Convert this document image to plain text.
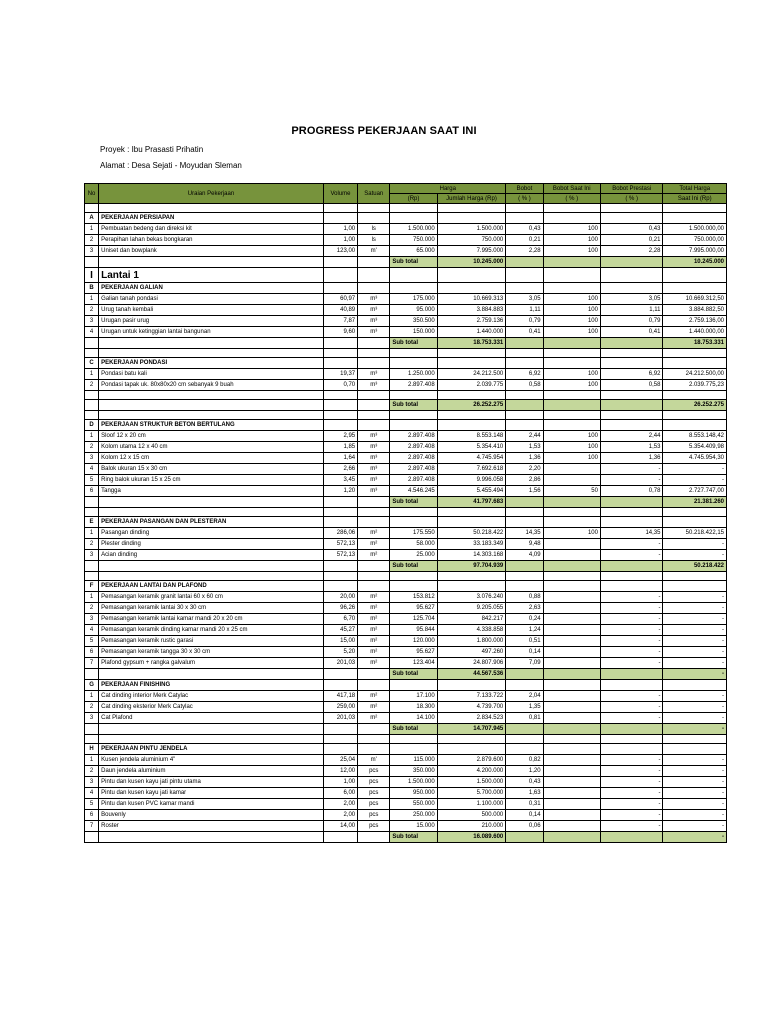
PROGRESS PEKERJAAN SAAT INI
Proyek : Ibu Prasasti Prihatin
Alamat : Desa Sejati - Moyudan Sleman
No	Uraian Pekerjaan	Volume	Satuan	Harga		Bobot	Bobot Saat Ini	Bobot Prestasi	Total Harga
				(Rp)	Jumlah Harga (Rp)	( % )	( % )	( % )	Saat Ini (Rp)

A	PEKERJAAN PERSIAPAN								
1	Pembuatan bedeng dan direksi kit	1,00	ls	1.500.000	1.500.000	0,43	100	0,43	1.500.000,00
2	Perapihan lahan bekas bongkaran	1,00	ls	750.000	750.000	0,21	100	0,21	750.000,00
3	Uniset dan bowplank	123,00	m'	65.000	7.995.000	2,28	100	2,28	7.995.000,00
				Sub total	10.245.000				10.245.000
I	Lantai 1								
B	PEKERJAAN GALIAN								
1	Galian tanah pondasi	60,97	m³	175.000	10.669.313	3,05	100	3,05	10.669.312,50
2	Urug tanah kembali	40,89	m³	95.000	3.884.883	1,11	100	1,11	3.884.882,50
3	Urugan pasir urug	7,87	m³	350.500	2.759.136	0,79	100	0,79	2.759.136,00
4	Urugan untuk ketinggian lantai bangunan	9,60	m³	150.000	1.440.000	0,41	100	0,41	1.440.000,00
				Sub total	18.753.331				18.753.331

C	PEKERJAAN PONDASI								
1	Pondasi batu kali	19,37	m³	1.250.000	24.212.500	6,92	100	6,92	24.212.500,00
2	Pondasi tapak uk. 80x80x20 cm sebanyak 9 buah	0,70	m³	2.897.408	2.039.775	0,58	100	0,58	2.039.775,23

				Sub total	26.252.275				26.252.275

D	PEKERJAAN STRUKTUR BETON BERTULANG								
1	Sloof 12 x 20 cm	2,95	m³	2.897.408	8.553.148	2,44	100	2,44	8.553.148,42
2	Kolom utama 12 x 40 cm	1,85	m³	2.897.408	5.354.410	1,53	100	1,53	5.354.409,98
3	Kolom 12 x 15 cm	1,64	m³	2.897.408	4.745.954	1,36	100	1,36	4.745.954,30
4	Balok ukuran 15 x 30 cm	2,66	m³	2.897.408	7.692.618	2,20		-	-
5	Ring balok ukuran 15 x 25 cm	3,45	m³	2.897.408	9.996.058	2,86		-	-
6	Tangga	1,20	m³	4.546.245	5.455.494	1,56	50	0,78	2.727.747,00
				Sub total	41.797.683				21.381.260

E	PEKERJAAN PASANGAN DAN PLESTERAN								
1	Pasangan dinding	286,06	m²	175.550	50.218.422	14,35	100	14,35	50.218.422,15
2	Plester dinding	572,13	m²	58.000	33.183.349	9,48		-	-
3	Acian dinding	572,13	m²	25.000	14.303.168	4,09		-	-
				Sub total	97.704.939				50.218.422

F	PEKERJAAN LANTAI DAN PLAFOND								
1	Pemasangan keramik granit lantai 60 x 60 cm	20,00	m²	153.812	3.076.240	0,88		-	-
2	Pemasangan keramik lantai 30 x 30 cm	96,26	m²	95.627	9.205.055	2,63		-	-
3	Pemasangan keramik lantai kamar mandi 20 x 20 cm	6,70	m²	125.704	842.217	0,24		-	-
4	Pemasangan keramik dinding kamar mandi 20 x 25 cm	45,27	m²	95.844	4.338.858	1,24		-	-
5	Pemasangan keramik rustic garasi	15,00	m²	120.000	1.800.000	0,51		-	-
6	Pemasangan keramik tangga 30 x 30 cm	5,20	m²	95.627	497.260	0,14		-	-
7	Plafond gypsum + rangka galvalum	201,03	m²	123.404	24.807.906	7,09		-	-
				Sub total	44.567.536				-
G	PEKERJAAN FINISHING								
1	Cat dinding interior Merk Catylac	417,18	m²	17.100	7.133.722	2,04		-	-
2	Cat dinding eksterior Merk Catylac	259,00	m²	18.300	4.739.700	1,35		-	-
3	Cat Plafond	201,03	m²	14.100	2.834.523	0,81		-	-
				Sub total	14.707.945				-

H	PEKERJAAN PINTU JENDELA								
1	Kusen jendela aluminium 4"	25,04	m'	115.000	2.879.600	0,82		-	-
2	Daun jendela aluminium	12,00	pcs	350.000	4.200.000	1,20		-	-
3	Pintu dan kusen kayu jati pintu utama	1,00	pcs	1.500.000	1.500.000	0,43		-	-
4	Pintu dan kusen kayu jati kamar	6,00	pcs	950.000	5.700.000	1,63		-	-
5	Pintu dan kusen PVC kamar mandi	2,00	pcs	550.000	1.100.000	0,31		-	-
6	Bouvenly	2,00	pcs	250.000	500.000	0,14		-	-
7	Roster	14,00	pcs	15.000	210.000	0,06		-	-
				Sub total	16.089.600				-
